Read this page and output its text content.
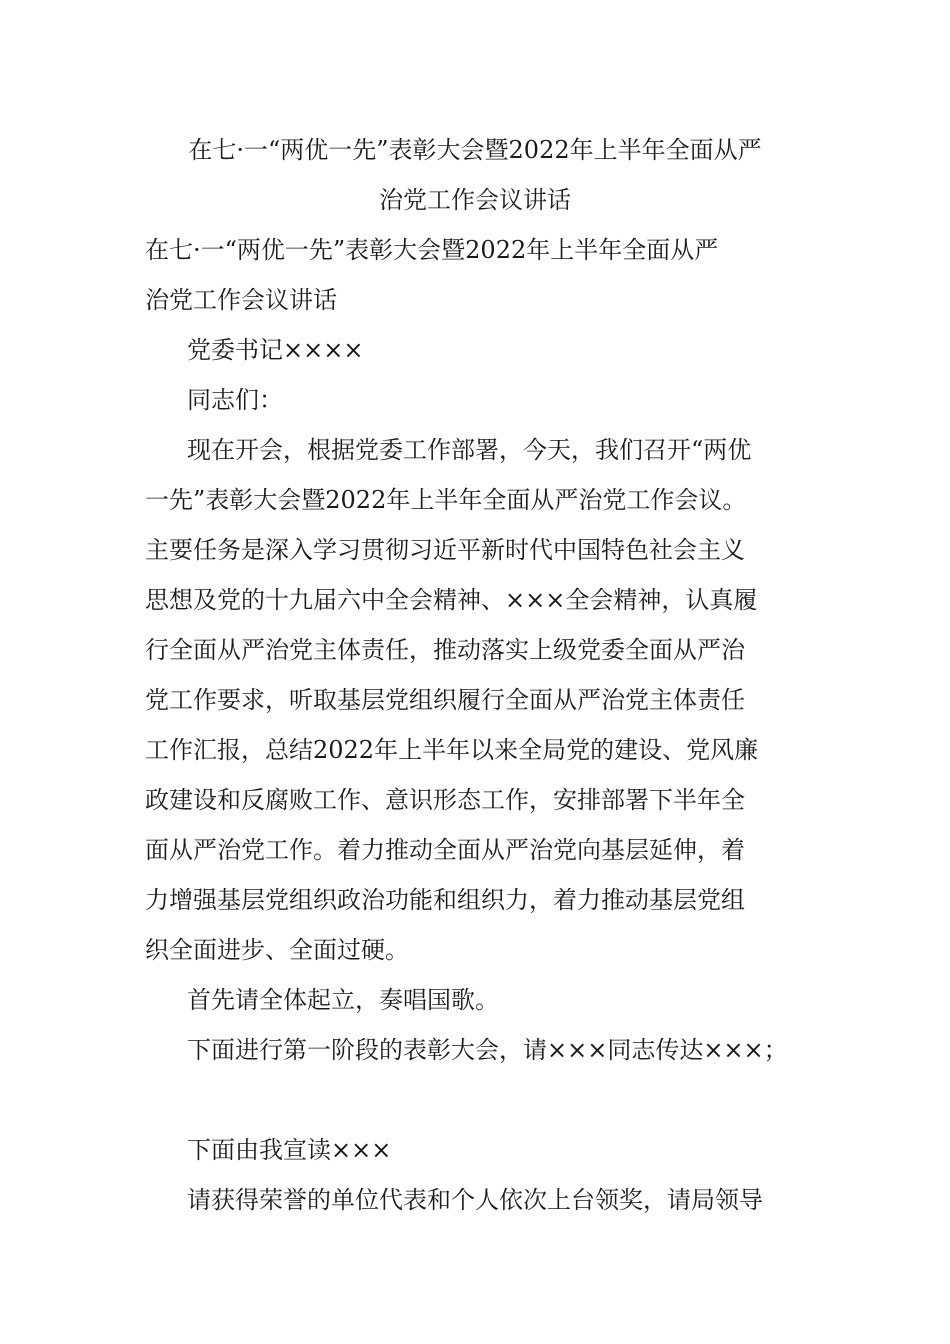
在七·一“两优一先”表彰大会暨2022年上半年全面从严
治党工作会议讲话
在七·一“两优一先”表彰大会暨2022年上半年全面从严
治党工作会议讲话
党委书记××××
同志们：
现在开会，根据党委工作部署，今天，我们召开“两优
一先”表彰大会暨2022年上半年全面从严治党工作会议。
主要任务是深入学习贯彻习近平新时代中国特色社会主义
思想及党的十九届六中全会精神、×××全会精神，认真履
行全面从严治党主体责任，推动落实上级党委全面从严治
党工作要求，听取基层党组织履行全面从严治党主体责任
工作汇报，总结2022年上半年以来全局党的建设、党风廉
政建设和反腐败工作、意识形态工作，安排部署下半年全
面从严治党工作。着力推动全面从严治党向基层延伸，着
力增强基层党组织政治功能和组织力，着力推动基层党组
织全面进步、全面过硬。
首先请全体起立，奏唱国歌。
下面进行第一阶段的表彰大会，请×××同志传达×××；
下面由我宣读×××
请获得荣誉的单位代表和个人依次上台领奖，请局领导
